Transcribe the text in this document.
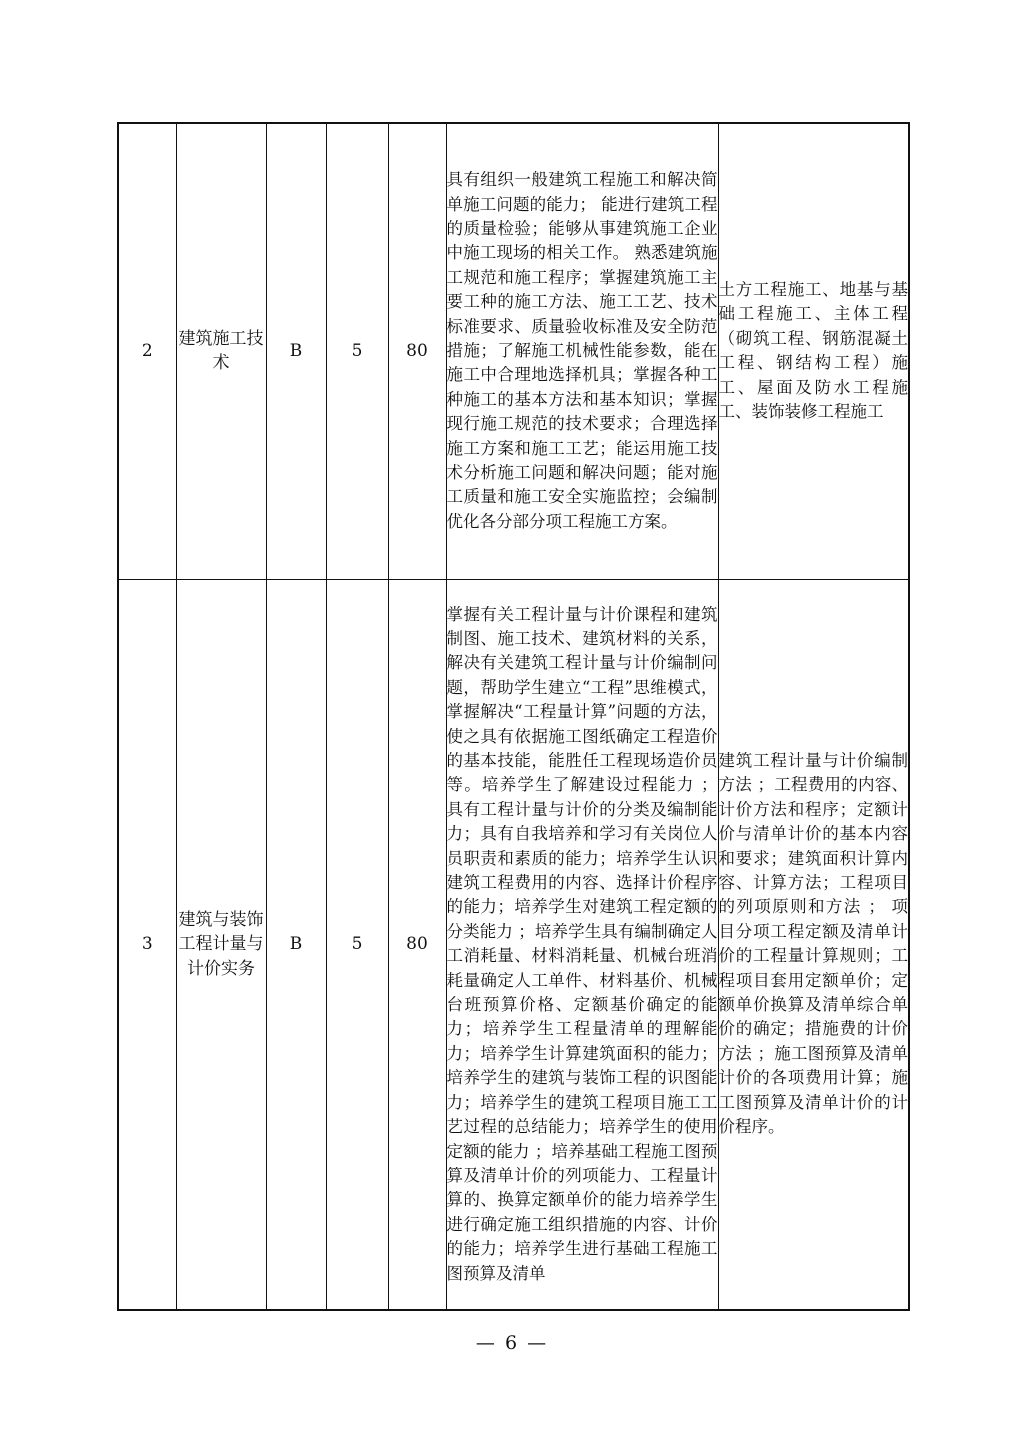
2	建筑施工技术	B	5	80	具有组织一般建筑工程施工和解决简单施工问题的能力； 能进行建筑工程的质量检验；能够从事建筑施工企业中施工现场的相关工作。 熟悉建筑施工规范和施工程序；掌握建筑施工主要工种的施工方法、施工工艺、技术标准要求、质量验收标准及安全防范措施；了解施工机械性能参数，能在施工中合理地选择机具；掌握各种工种施工的基本方法和基本知识；掌握现行施工规范的技术要求；合理选择施工方案和施工工艺；能运用施工技术分析施工问题和解决问题；能对施工质量和施工安全实施监控；会编制优化各分部分项工程施工方案。	土方工程施工、地基与基础工程施工、主体工程（砌筑工程、钢筋混凝土工程、钢结构工程）施工、屋面及防水工程施工、装饰装修工程施工

3	建筑与装饰工程计量与计价实务	B	5	80	掌握有关工程计量与计价课程和建筑制图、施工技术、建筑材料的关系，解决有关建筑工程计量与计价编制问题，帮助学生建立“工程”思维模式，掌握解决“工程量计算”问题的方法，使之具有依据施工图纸确定工程造价的基本技能，能胜任工程现场造价员等。培养学生了解建设过程能力 ； 具有工程计量与计价的分类及编制能力；具有自我培养和学习有关岗位人员职责和素质的能力；培养学生认识建筑工程费用的内容、选择计价程序的能力；培养学生对建筑工程定额的分类能力 ；培养学生具有编制确定人工消耗量、材料消耗量、机械台班消耗量确定人工单件、材料基价、机械台班预算价格、定额基价确定的能力；培养学生工程量清单的理解能力；培养学生计算建筑面积的能力； 培养学生的建筑与装饰工程的识图能力；培养学生的建筑工程项目施工工艺过程的总结能力；培养学生的使用定额的能力 ；培养基础工程施工图预算及清单计价的列项能力、工程量计算的、换算定额单价的能力培养学生进行确定施工组织措施的内容、计价的能力；培养学生进行基础工程施工图预算及清单	建筑工程计量与计价编制方法 ；工程费用的内容、计价方法和程序；定额计价与清单计价的基本内容和要求；建筑面积计算内容、计算方法；工程项目的列项原则和方法 ； 项目分项工程定额及清单计价的工程量计算规则；工程项目套用定额单价；定额单价换算及清单综合单价的确定；措施费的计价方法 ；施工图预算及清单计价的各项费用计算；施工图预算及清单计价的计价程序。
— 6 —
